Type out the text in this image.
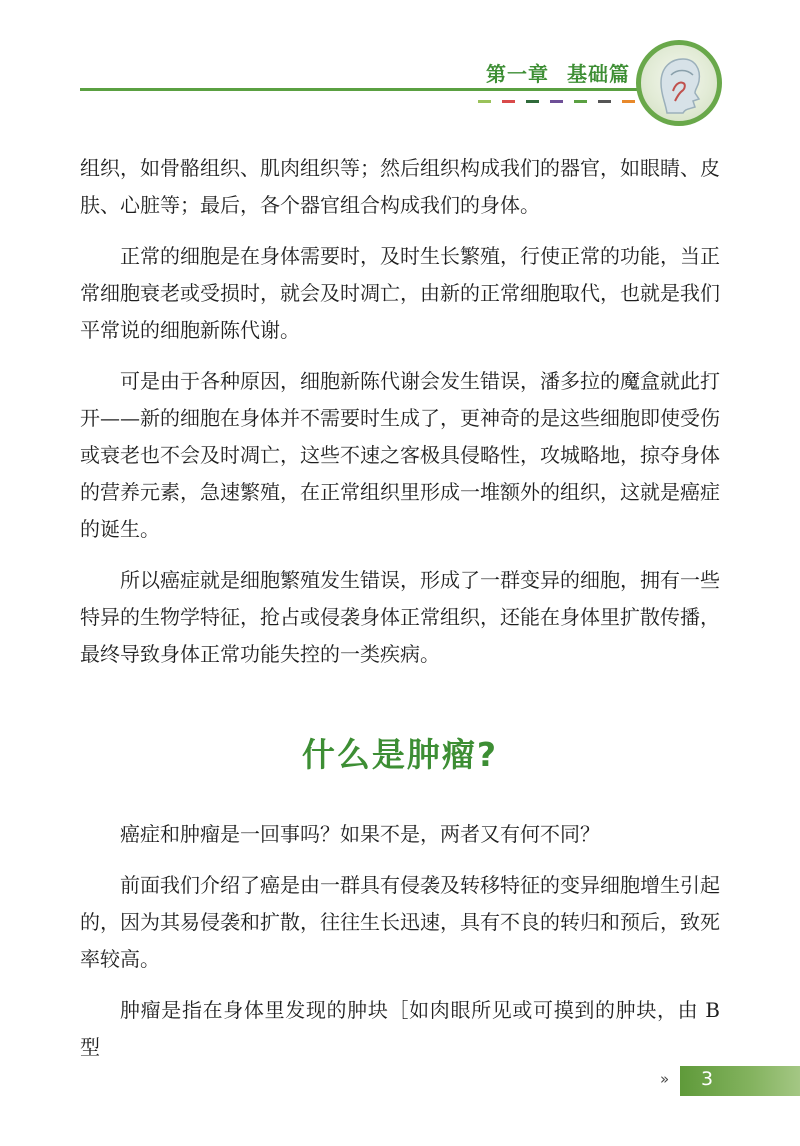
第一章 基础篇

组织，如骨骼组织、肌肉组织等；然后组织构成我们的器官，如眼睛、皮肤、心脏等；最后，各个器官组合构成我们的身体。

正常的细胞是在身体需要时，及时生长繁殖，行使正常的功能，当正常细胞衰老或受损时，就会及时凋亡，由新的正常细胞取代，也就是我们平常说的细胞新陈代谢。

可是由于各种原因，细胞新陈代谢会发生错误，潘多拉的魔盒就此打开——新的细胞在身体并不需要时生成了，更神奇的是这些细胞即使受伤或衰老也不会及时凋亡，这些不速之客极具侵略性，攻城略地，掠夺身体的营养元素，急速繁殖，在正常组织里形成一堆额外的组织，这就是癌症的诞生。

所以癌症就是细胞繁殖发生错误，形成了一群变异的细胞，拥有一些特异的生物学特征，抢占或侵袭身体正常组织，还能在身体里扩散传播，最终导致身体正常功能失控的一类疾病。

什么是肿瘤?

癌症和肿瘤是一回事吗？如果不是，两者又有何不同？

前面我们介绍了癌是由一群具有侵袭及转移特征的变异细胞增生引起的，因为其易侵袭和扩散，往往生长迅速，具有不良的转归和预后，致死率较高。

肿瘤是指在身体里发现的肿块［如肉眼所见或可摸到的肿块，由 B 型

» 3
